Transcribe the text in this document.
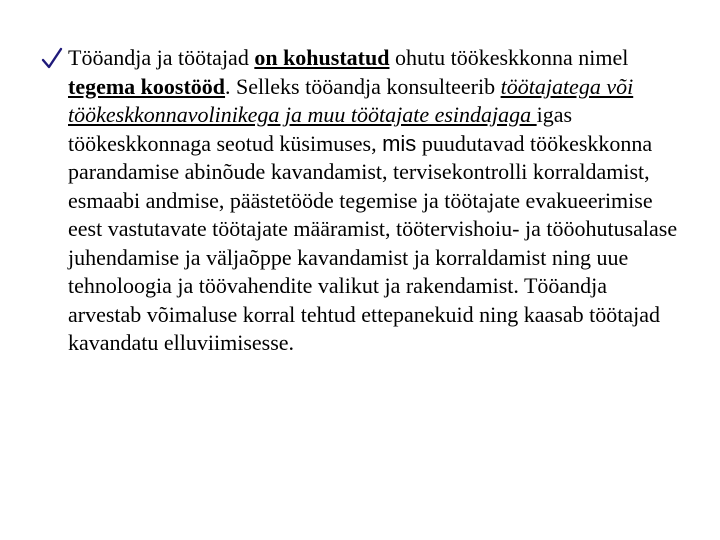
Tööandja ja töötajad on kohustatud ohutu töökeskkonna nimel tegema koostööd. Selleks tööandja konsulteerib töötajatega või töökeskkonnavolinikega ja muu töötajate esindajaga igas töökeskkonnaga seotud küsimuses, mis puudutavad töökeskkonna parandamise abinõude kavandamist, tervisekontrolli korraldamist, esmaabi andmise, päästetööde tegemise ja töötajate evakueerimise eest vastutavate töötajate määramist, töötervishoiu- ja tööohutusalase juhendamise ja väljaõppe kavandamist ja korraldamist ning uue tehnoloogia ja töövahendite valikut ja rakendamist. Tööandja arvestab võimaluse korral tehtud ettepanekuid ning kaasab töötajad kavandatu elluviimisesse.
